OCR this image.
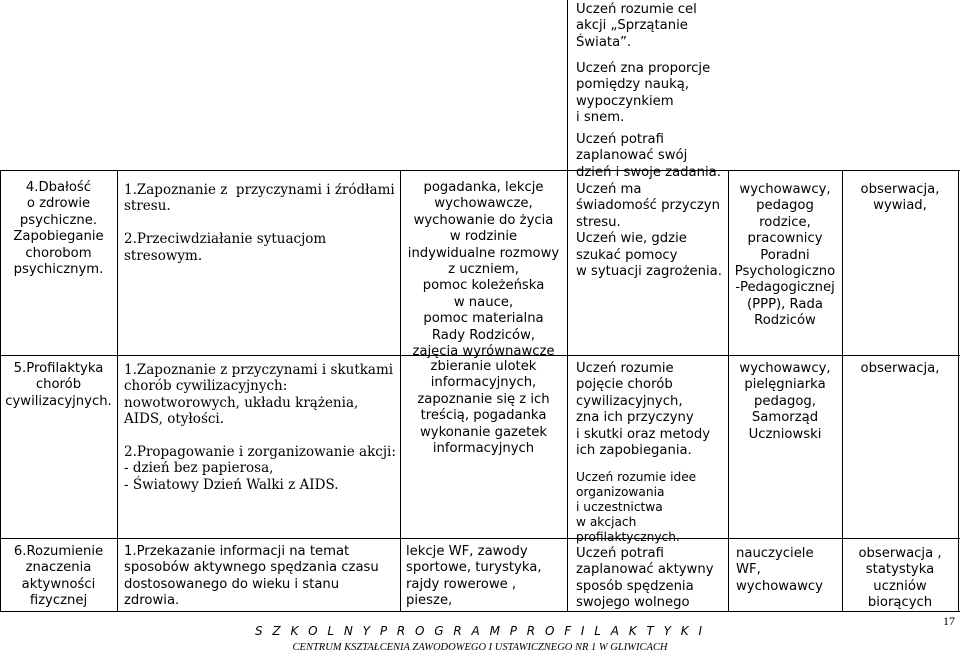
Uczeń rozumie cel
akcji „Sprzątanie
Świata”.
Uczeń zna proporcje
pomiędzy nauką,
wypoczynkiem
i snem.
Uczeń potrafi
zaplanować swój
dzień i swoje zadania.
4.Dbałość
o zdrowie
psychiczne.
Zapobieganie
chorobom
psychicznym.
1.Zapoznanie z  przyczynami i źródłami
stresu.

2.Przeciwdziałanie sytuacjom
stresowym.
pogadanka, lekcje
wychowawcze,
wychowanie do życia
w rodzinie
indywidualne rozmowy
z uczniem,
pomoc koleżeńska
w nauce,
pomoc materialna
Rady Rodziców,
zajęcia wyrównawcze
Uczeń ma
świadomość przyczyn
stresu.
Uczeń wie, gdzie
szukać pomocy
w sytuacji zagrożenia.
wychowawcy,
pedagog
rodzice,
pracownicy
Poradni
Psychologiczno
-Pedagogicznej
(PPP), Rada
Rodziców
obserwacja,
wywiad,
5.Profilaktyka
chorób
cywilizacyjnych.
1.Zapoznanie z przyczynami i skutkami
chorób cywilizacyjnych:
nowotworowych, układu krążenia,
AIDS, otyłości.

2.Propagowanie i zorganizowanie akcji:
- dzień bez papierosa,
- Światowy Dzień Walki z AIDS.
zbieranie ulotek
informacyjnych,
zapoznanie się z ich
treścią, pogadanka
wykonanie gazetek
informacyjnych
Uczeń rozumie
pojęcie chorób
cywilizacyjnych,
zna ich przyczyny
i skutki oraz metody
ich zapobiegania.
Uczeń rozumie idee
organizowania
i uczestnictwa
w akcjach
profilaktycznych.
wychowawcy,
pielęgniarka
pedagog,
Samorząd
Uczniowski
obserwacja,
6.Rozumienie
znaczenia
aktywności
fizycznej
1.Przekazanie informacji na temat
sposobów aktywnego spędzania czasu
dostosowanego do wieku i stanu
zdrowia.
lekcje WF, zawody
sportowe, turystyka,
rajdy rowerowe ,
piesze,
Uczeń potrafi
zaplanować aktywny
sposób spędzenia
swojego wolnego
nauczyciele
WF,
wychowawcy
obserwacja ,
statystyka
uczniów
biorących
17
S Z K O L N Y P R O G R A M P R O F I L A K T Y K I
CENTRUM KSZTAŁCENIA ZAWODOWEGO I USTAWICZNEGO NR 1 W GLIWICACH
